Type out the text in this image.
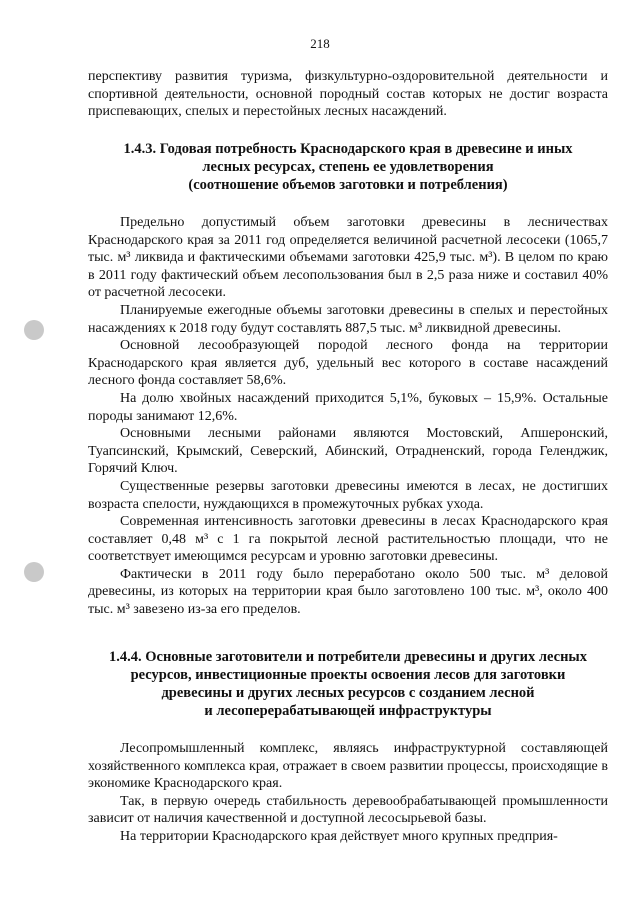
218

перспективу развития туризма, физкультурно-оздоровительной деятельности и спортивной деятельности, основной породный состав которых не достиг возраста приспевающих, спелых и перестойных лесных насаждений.

1.4.3. Годовая потребность Краснодарского края в древесине и иных
лесных ресурсах, степень ее удовлетворения
(соотношение объемов заготовки и потребления)

Предельно допустимый объем заготовки древесины в лесничествах Краснодарского края за 2011 год определяется величиной расчетной лесосеки (1065,7 тыс. м³ ликвида и фактическими объемами заготовки 425,9 тыс. м³). В целом по краю в 2011 году фактический объем лесопользования был в 2,5 раза ниже и составил 40% от расчетной лесосеки.

Планируемые ежегодные объемы заготовки древесины в спелых и перестойных насаждениях к 2018 году будут составлять 887,5 тыс. м³ ликвидной древесины.

Основной лесообразующей породой лесного фонда на территории Краснодарского края является дуб, удельный вес которого в составе насаждений лесного фонда составляет 58,6%.

На долю хвойных насаждений приходится 5,1%, буковых – 15,9%. Остальные породы занимают 12,6%.

Основными лесными районами являются Мостовский, Апшеронский, Туапсинский, Крымский, Северский, Абинский, Отрадненский, города Геленджик, Горячий Ключ.

Существенные резервы заготовки древесины имеются в лесах, не достигших возраста спелости, нуждающихся в промежуточных рубках ухода.

Современная интенсивность заготовки древесины в лесах Краснодарского края составляет 0,48 м³ с 1 га покрытой лесной растительностью площади, что не соответствует имеющимся ресурсам и уровню заготовки древесины.

Фактически в 2011 году было переработано около 500 тыс. м³ деловой древесины, из которых на территории края было заготовлено 100 тыс. м³, около 400 тыс. м³ завезено из-за его пределов.

1.4.4. Основные заготовители и потребители древесины и других лесных
ресурсов, инвестиционные проекты освоения лесов для заготовки
древесины и других лесных ресурсов с созданием лесной
и лесоперерабатывающей инфраструктуры

Лесопромышленный комплекс, являясь инфраструктурной составляющей хозяйственного комплекса края, отражает в своем развитии процессы, происходящие в экономике Краснодарского края.

Так, в первую очередь стабильность деревообрабатывающей промышленности зависит от наличия качественной и доступной лесосырьевой базы.

На территории Краснодарского края действует много крупных предприя-
